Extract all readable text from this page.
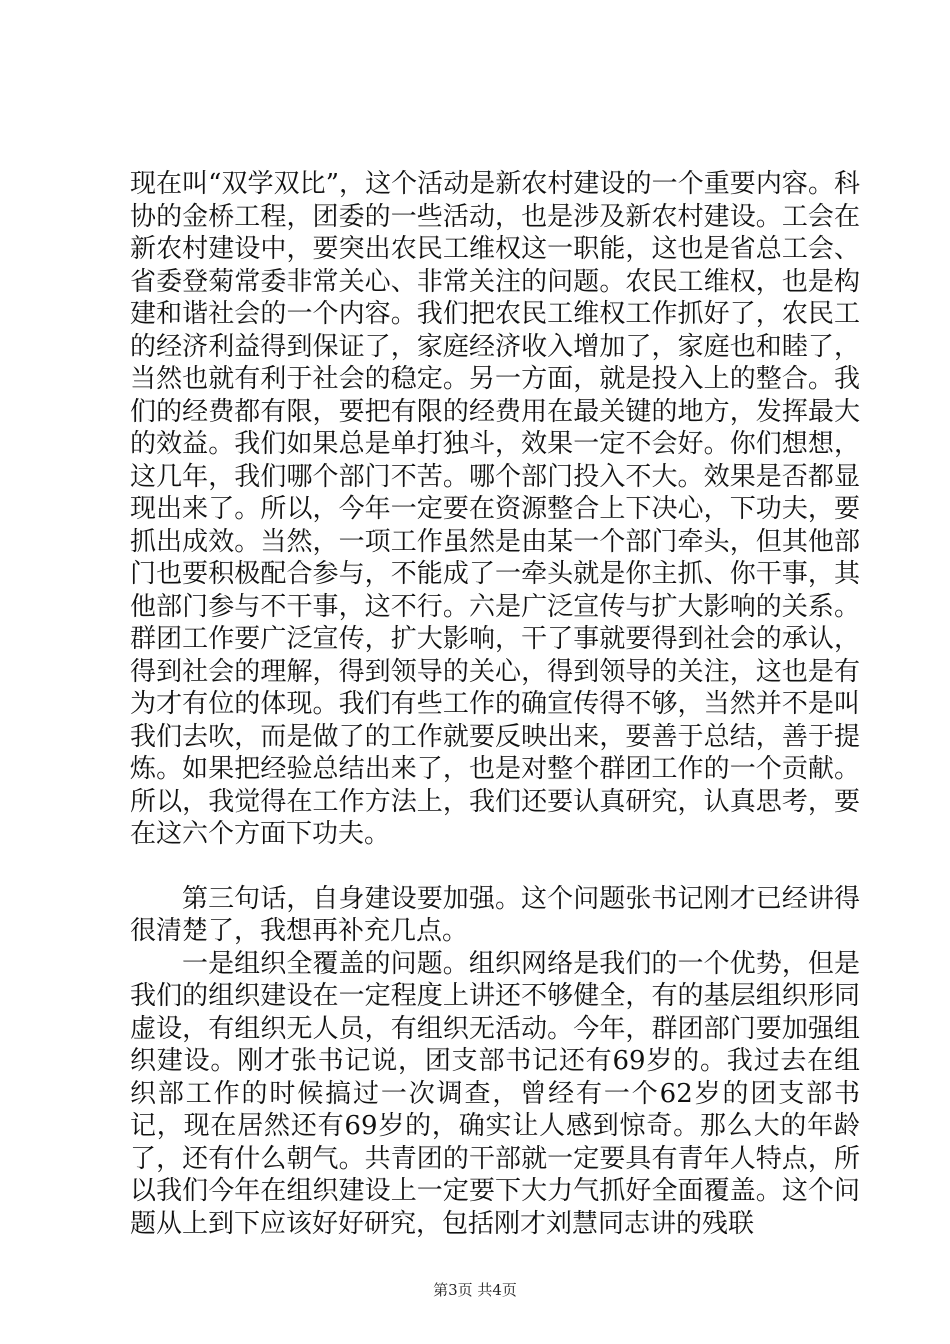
现在叫“双学双比”，这个活动是新农村建设的一个重要内容。科协的金桥工程，团委的一些活动，也是涉及新农村建设。工会在新农村建设中，要突出农民工维权这一职能，这也是省总工会、省委登菊常委非常关心、非常关注的问题。农民工维权，也是构建和谐社会的一个内容。我们把农民工维权工作抓好了，农民工的经济利益得到保证了，家庭经济收入增加了，家庭也和睦了，当然也就有利于社会的稳定。另一方面，就是投入上的整合。我们的经费都有限，要把有限的经费用在最关键的地方，发挥最大的效益。我们如果总是单打独斗，效果一定不会好。你们想想，这几年，我们哪个部门不苦。哪个部门投入不大。效果是否都显现出来了。所以，今年一定要在资源整合上下决心，下功夫，要抓出成效。当然，一项工作虽然是由某一个部门牵头，但其他部门也要积极配合参与，不能成了一牵头就是你主抓、你干事，其他部门参与不干事，这不行。六是广泛宣传与扩大影响的关系。群团工作要广泛宣传，扩大影响，干了事就要得到社会的承认，得到社会的理解，得到领导的关心，得到领导的关注，这也是有为才有位的体现。我们有些工作的确宣传得不够，当然并不是叫我们去吹，而是做了的工作就要反映出来，要善于总结，善于提炼。如果把经验总结出来了，也是对整个群团工作的一个贡献。所以，我觉得在工作方法上，我们还要认真研究，认真思考，要在这六个方面下功夫。

第三句话，自身建设要加强。这个问题张书记刚才已经讲得很清楚了，我想再补充几点。

一是组织全覆盖的问题。组织网络是我们的一个优势，但是我们的组织建设在一定程度上讲还不够健全，有的基层组织形同虚设，有组织无人员，有组织无活动。今年，群团部门要加强组织建设。刚才张书记说，团支部书记还有69岁的。我过去在组织部工作的时候搞过一次调查，曾经有一个62岁的团支部书记，现在居然还有69岁的，确实让人感到惊奇。那么大的年龄了，还有什么朝气。共青团的干部就一定要具有青年人特点，所以我们今年在组织建设上一定要下大力气抓好全面覆盖。这个问题从上到下应该好好研究，包括刚才刘慧同志讲的残联

第3页 共4页
